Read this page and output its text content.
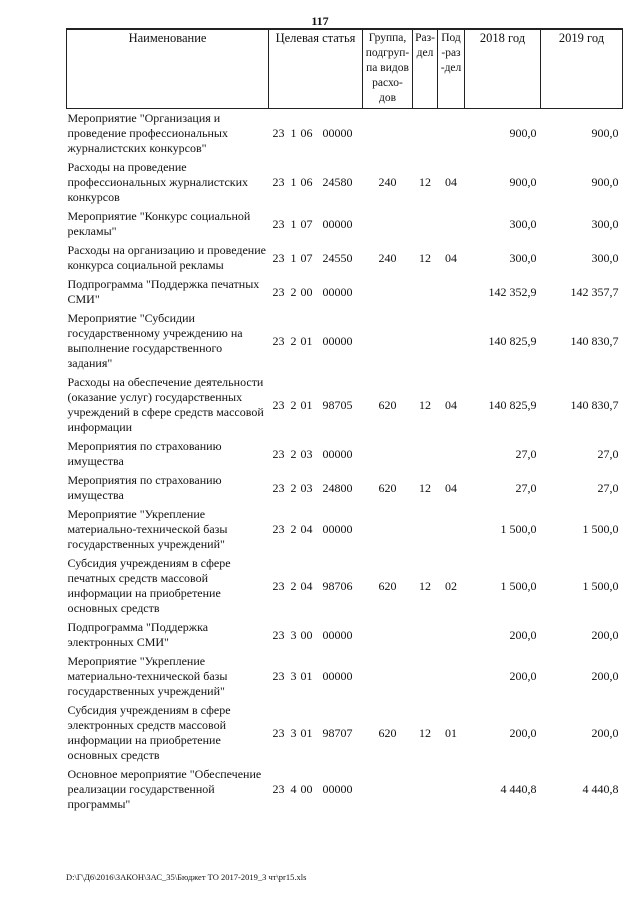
117
Наименование	Целевая статья	Группа, подгруп-па видов расхо-дов	Раз-дел	Под-раз-дел	2018 год	2019 год
Мероприятие "Организация и проведение профессиональных журналистских конкурсов"	23 1 06 00000				900,0	900,0
Расходы на проведение профессиональных журналистских конкурсов	23 1 06 24580	240	12	04	900,0	900,0
Мероприятие "Конкурс социальной рекламы"	23 1 07 00000				300,0	300,0
Расходы на организацию и проведение конкурса социальной рекламы	23 1 07 24550	240	12	04	300,0	300,0
Подпрограмма "Поддержка печатных СМИ"	23 2 00 00000				142 352,9	142 357,7
Мероприятие "Субсидии государственному учреждению на выполнение государственного задания"	23 2 01 00000				140 825,9	140 830,7
Расходы на обеспечение деятельности (оказание услуг) государственных учреждений в сфере средств массовой информации	23 2 01 98705	620	12	04	140 825,9	140 830,7
Мероприятия по страхованию имущества	23 2 03 00000				27,0	27,0
Мероприятия по страхованию имущества	23 2 03 24800	620	12	04	27,0	27,0
Мероприятие "Укрепление материально-технической базы государственных учреждений"	23 2 04 00000				1 500,0	1 500,0
Субсидия учреждениям в сфере печатных средств массовой информации на приобретение основных средств	23 2 04 98706	620	12	02	1 500,0	1 500,0
Подпрограмма "Поддержка электронных СМИ"	23 3 00 00000				200,0	200,0
Мероприятие "Укрепление материально-технической базы государственных учреждений"	23 3 01 00000				200,0	200,0
Субсидия учреждениям в сфере электронных средств массовой информации на приобретение основных средств	23 3 01 98707	620	12	01	200,0	200,0
Основное мероприятие "Обеспечение реализации государственной программы"	23 4 00 00000				4 440,8	4 440,8
D:\Г\Д6\2016\ЗАКОН\ЗАС_35\Бюджет ТО 2017-2019_3 чт\pr15.xls
